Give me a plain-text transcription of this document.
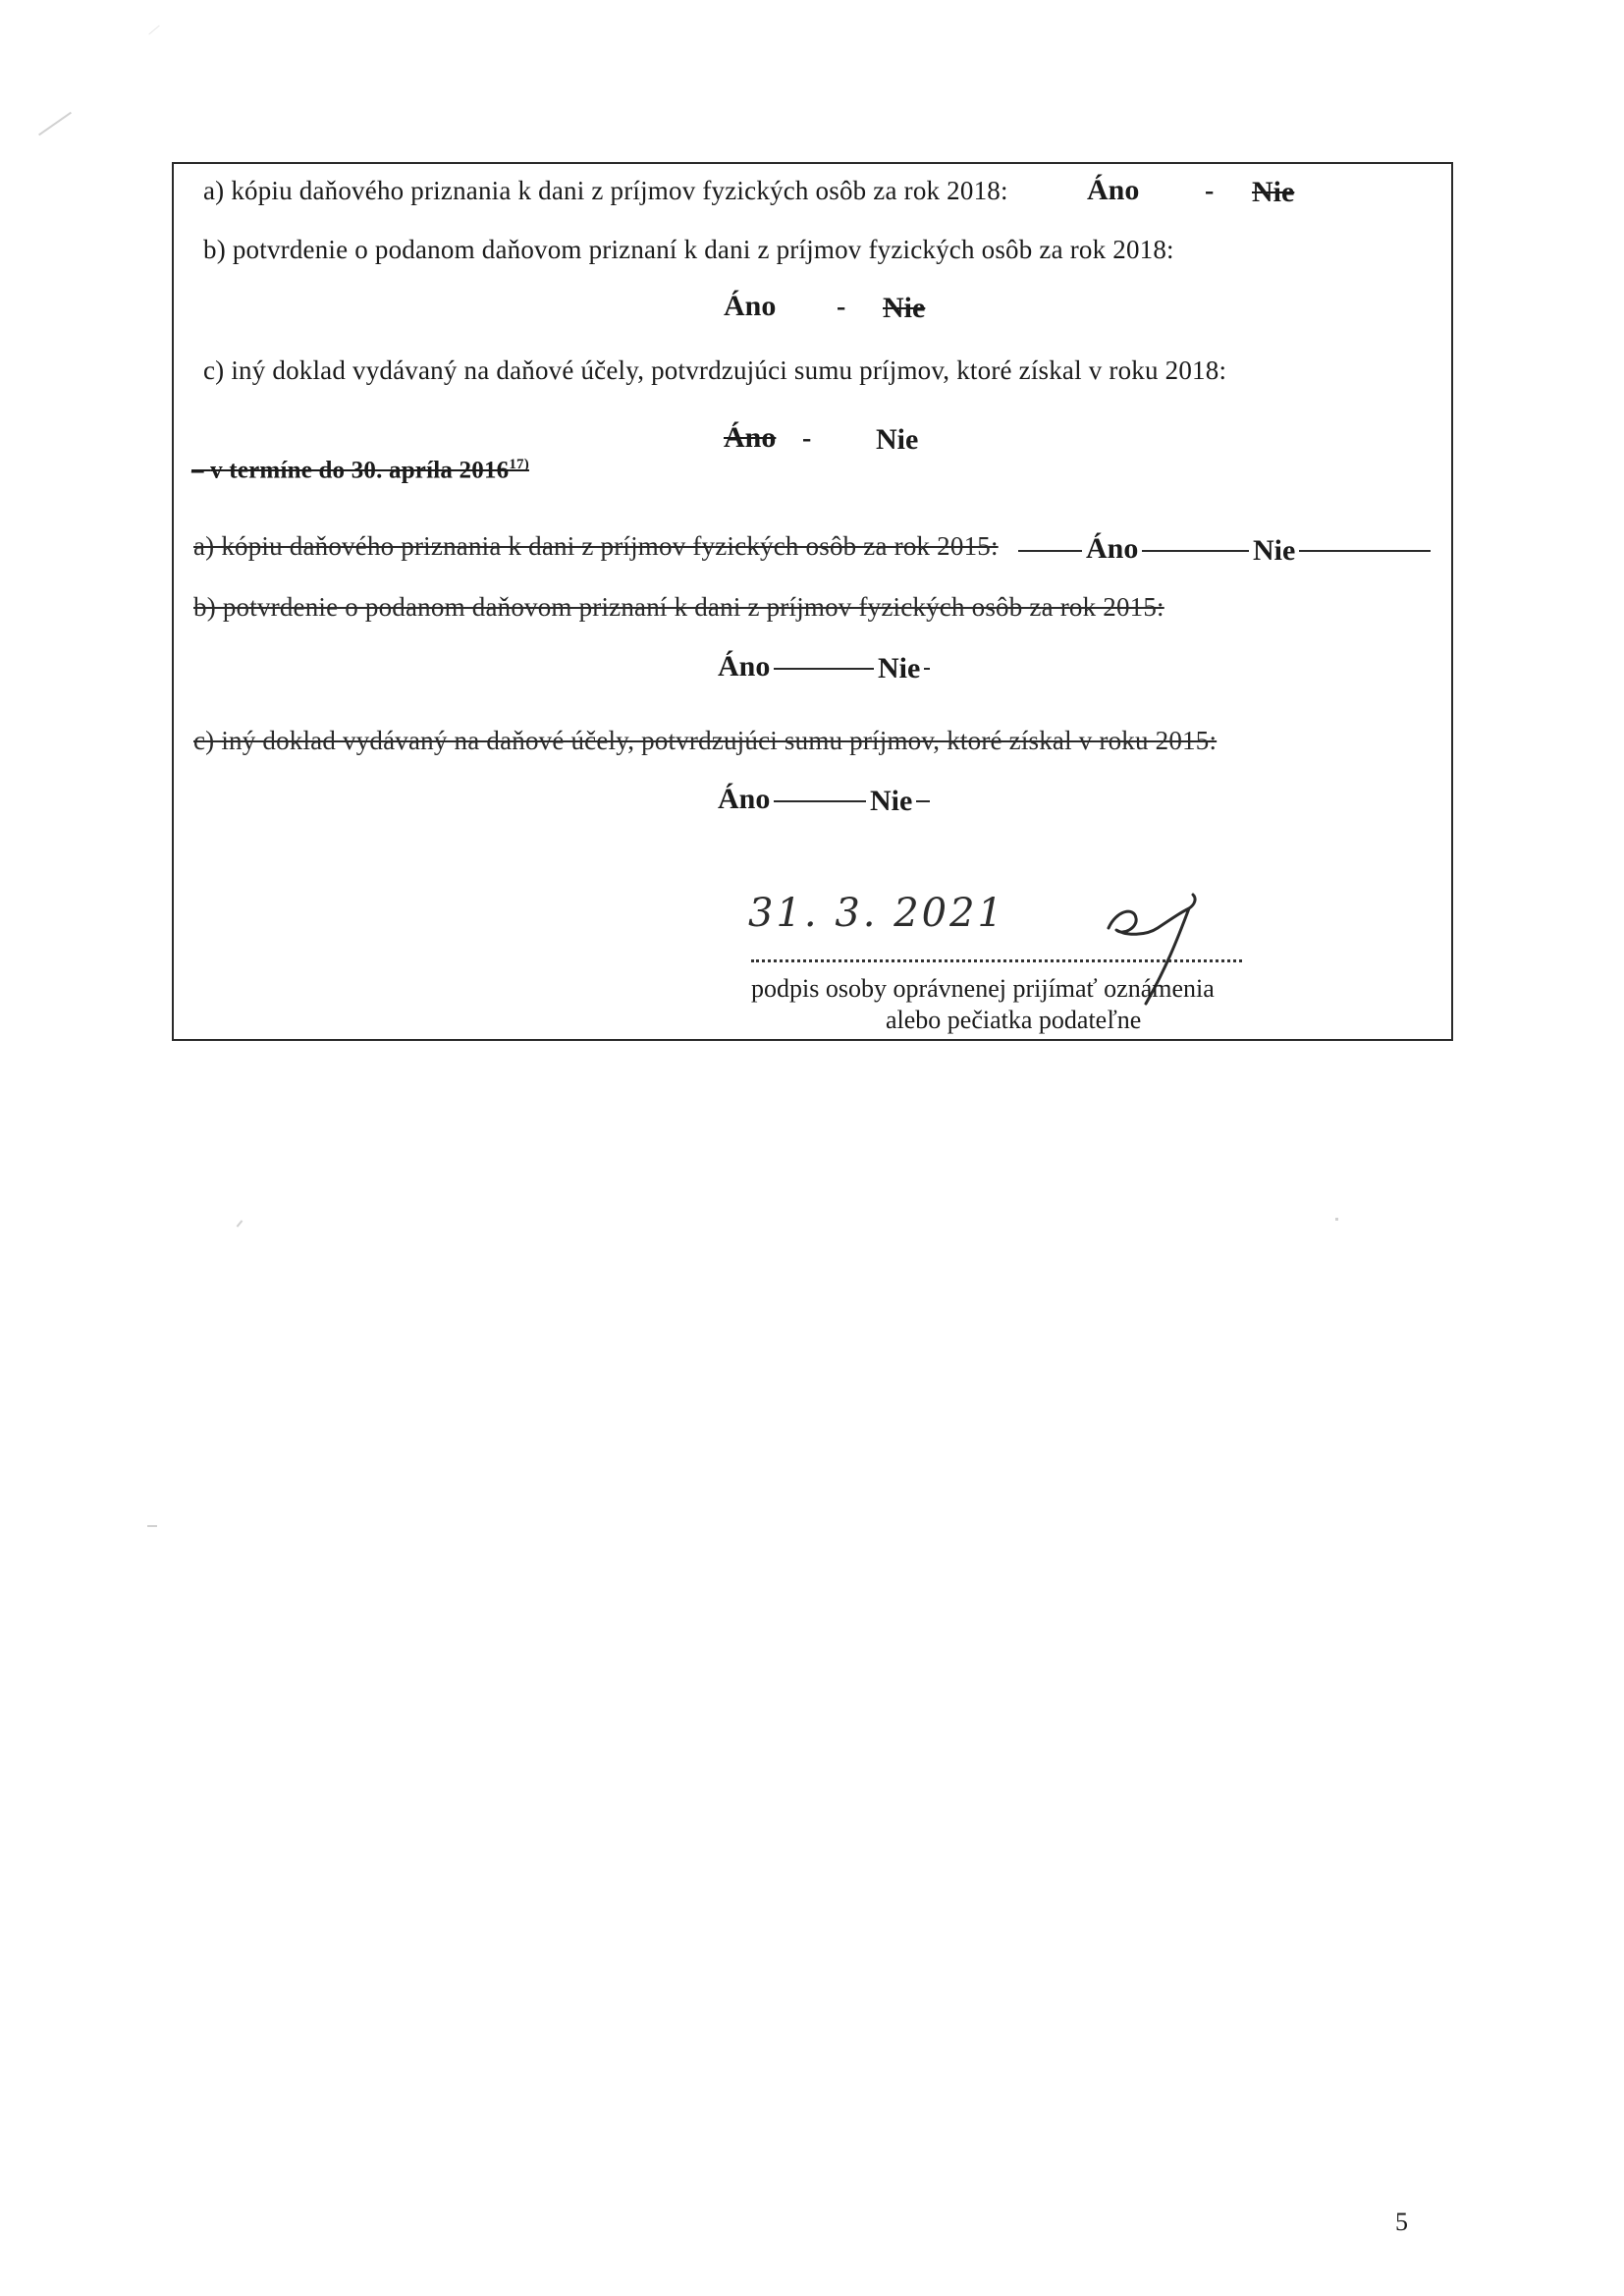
a) kópiu daňového priznania k dani z príjmov fyzických osôb za rok 2018:	Áno - Nie
b) potvrdenie o podanom daňovom priznaní k dani z príjmov fyzických osôb za rok 2018:
Áno - Nie
c) iný doklad vydávaný na daňové účely, potvrdzujúci sumu príjmov, ktoré získal v roku 2018:
Áno - Nie
– v termíne do 30. apríla 2016$^{17)}$
a) kópiu daňového priznania k dani z príjmov fyzických osôb za rok 2015:	Áno	Nie
b) potvrdenie o podanom daňovom priznaní k dani z príjmov fyzických osôb za rok 2015:
Áno	Nie
c) iný doklad vydávaný na daňové účely, potvrdzujúci sumu príjmov, ktoré získal v roku 2015:
Áno	Nie
31. 3. 2021
podpis osoby oprávnenej prijímať oznámenia
alebo pečiatka podateľne
5
